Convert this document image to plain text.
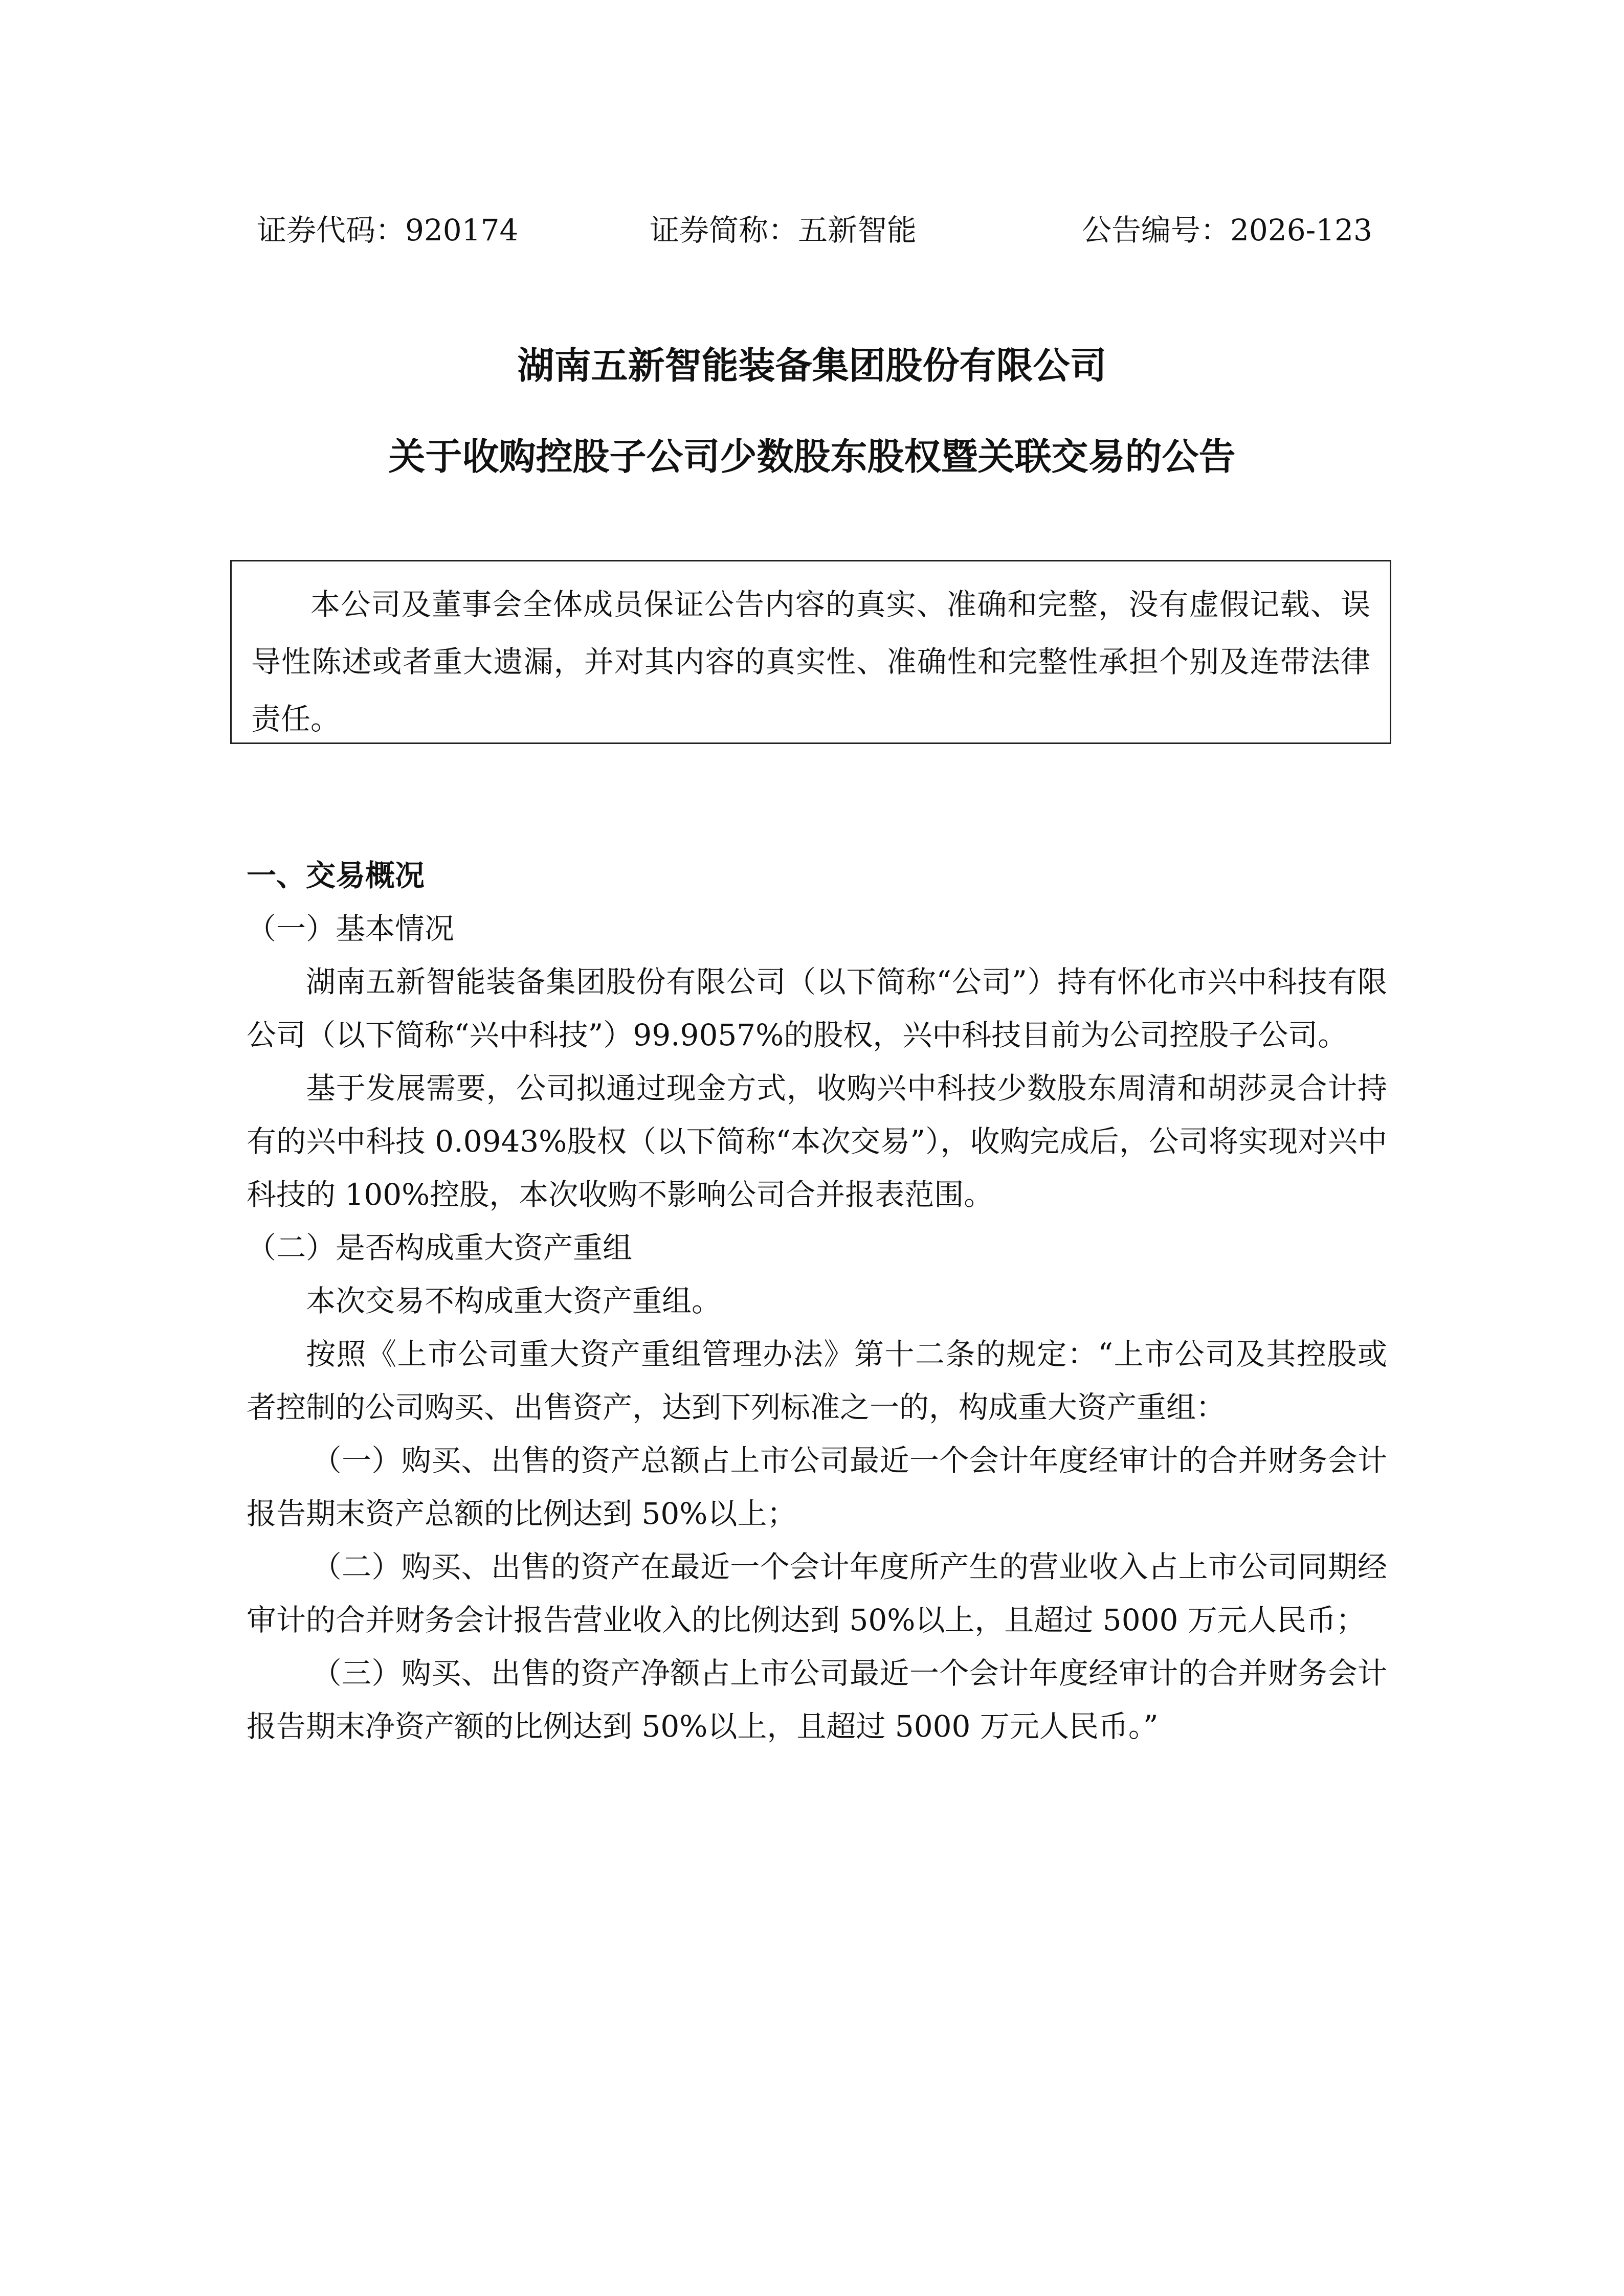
证券代码：920174	证券简称：五新智能	公告编号：2026-123
湖南五新智能装备集团股份有限公司
关于收购控股子公司少数股东股权暨关联交易的公告
本公司及董事会全体成员保证公告内容的真实、准确和完整，没有虚假记载、误导性陈述或者重大遗漏，并对其内容的真实性、准确性和完整性承担个别及连带法律责任。

一、交易概况

（一）基本情况

湖南五新智能装备集团股份有限公司（以下简称“公司”）持有怀化市兴中科技有限公司（以下简称“兴中科技”）99.9057%的股权，兴中科技目前为公司控股子公司。

基于发展需要，公司拟通过现金方式，收购兴中科技少数股东周清和胡莎灵合计持有的兴中科技 0.0943%股权（以下简称“本次交易”），收购完成后，公司将实现对兴中科技的 100%控股，本次收购不影响公司合并报表范围。

（二）是否构成重大资产重组

本次交易不构成重大资产重组。

按照《上市公司重大资产重组管理办法》第十二条的规定：“上市公司及其控股或者控制的公司购买、出售资产，达到下列标准之一的，构成重大资产重组：

（一）购买、出售的资产总额占上市公司最近一个会计年度经审计的合并财务会计报告期末资产总额的比例达到 50%以上；

（二）购买、出售的资产在最近一个会计年度所产生的营业收入占上市公司同期经审计的合并财务会计报告营业收入的比例达到 50%以上，且超过 5000 万元人民币；

（三）购买、出售的资产净额占上市公司最近一个会计年度经审计的合并财务会计报告期末净资产额的比例达到 50%以上，且超过 5000 万元人民币。”
